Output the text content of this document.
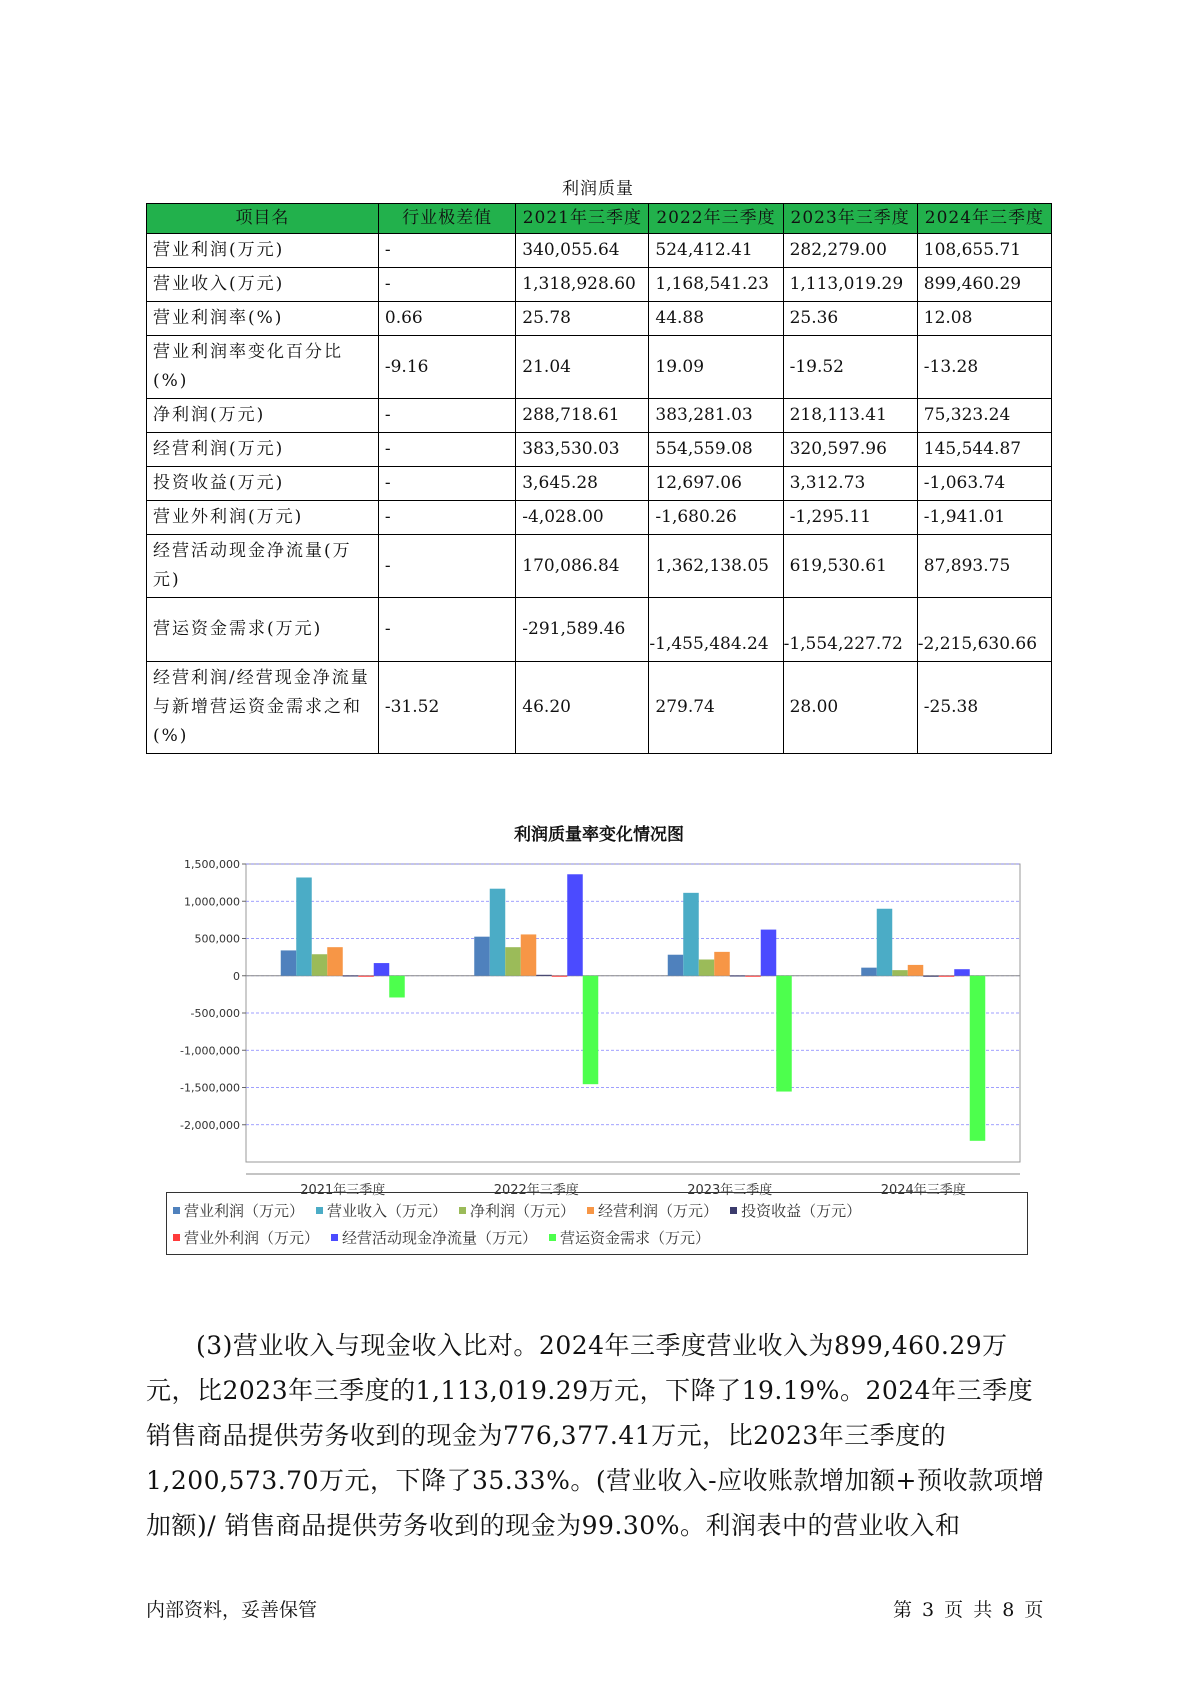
利润质量
项目名	行业极差值	2021年三季度	2022年三季度	2023年三季度	2024年三季度
营业利润(万元)	-	340,055.64	524,412.41	282,279.00	108,655.71
营业收入(万元)	-	1,318,928.60	1,168,541.23	1,113,019.29	899,460.29
营业利润率(%)	0.66	25.78	44.88	25.36	12.08
营业利润率变化百分比(%)	-9.16	21.04	19.09	-19.52	-13.28
净利润(万元)	-	288,718.61	383,281.03	218,113.41	75,323.24
经营利润(万元)	-	383,530.03	554,559.08	320,597.96	145,544.87
投资收益(万元)	-	3,645.28	12,697.06	3,312.73	-1,063.74
营业外利润(万元)	-	-4,028.00	-1,680.26	-1,295.11	-1,941.01
经营活动现金净流量(万元)	-	170,086.84	1,362,138.05	619,530.61	87,893.75
营运资金需求(万元)	-	-291,589.46	-1,455,484.24	-1,554,227.72	-2,215,630.66
经营利润/经营现金净流量与新增营运资金需求之和(%)	-31.52	46.20	279.74	28.00	-25.38
利润质量率变化情况图
1,500,000
1,000,000
500,000
0
-500,000
-1,000,000
-1,500,000
-2,000,000
2021年三季度	2022年三季度	2023年三季度	2024年三季度
营业利润（万元） 营业收入（万元） 净利润（万元） 经营利润（万元） 投资收益（万元）
营业外利润（万元） 经营活动现金净流量（万元） 营运资金需求（万元）

(3)营业收入与现金收入比对。2024年三季度营业收入为899,460.29万元，比2023年三季度的1,113,019.29万元，下降了19.19%。2024年三季度销售商品提供劳务收到的现金为776,377.41万元，比2023年三季度的1,200,573.70万元，下降了35.33%。(营业收入-应收账款增加额+预收款项增加额)/ 销售商品提供劳务收到的现金为99.30%。利润表中的营业收入和

内部资料，妥善保管	第 3 页 共 8 页
